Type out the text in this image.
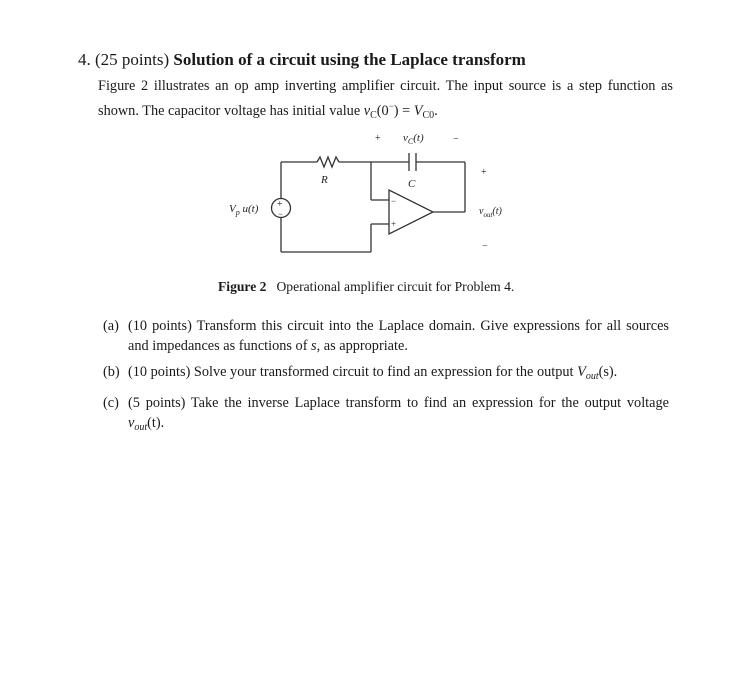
4. (25 points) Solution of a circuit using the Laplace transform
Figure 2 illustrates an op amp inverting amplifier circuit. The input source is a step function as shown. The capacitor voltage has initial value $v_C(0^-) = V_{C0}$.
+	−
$v_C(t)$
R	C
$V_p$ u(t) +
−
−
+
+
−
$v_{out}(t)$
Figure 2 Operational amplifier circuit for Problem 4.
(a) (10 points) Transform this circuit into the Laplace domain. Give expressions for all sources and impedances as functions of s, as appropriate.
(b) (10 points) Solve your transformed circuit to find an expression for the output $V_{out}(s)$.
(c) (5 points) Take the inverse Laplace transform to find an expression for the output voltage $v_{out}(t)$.
